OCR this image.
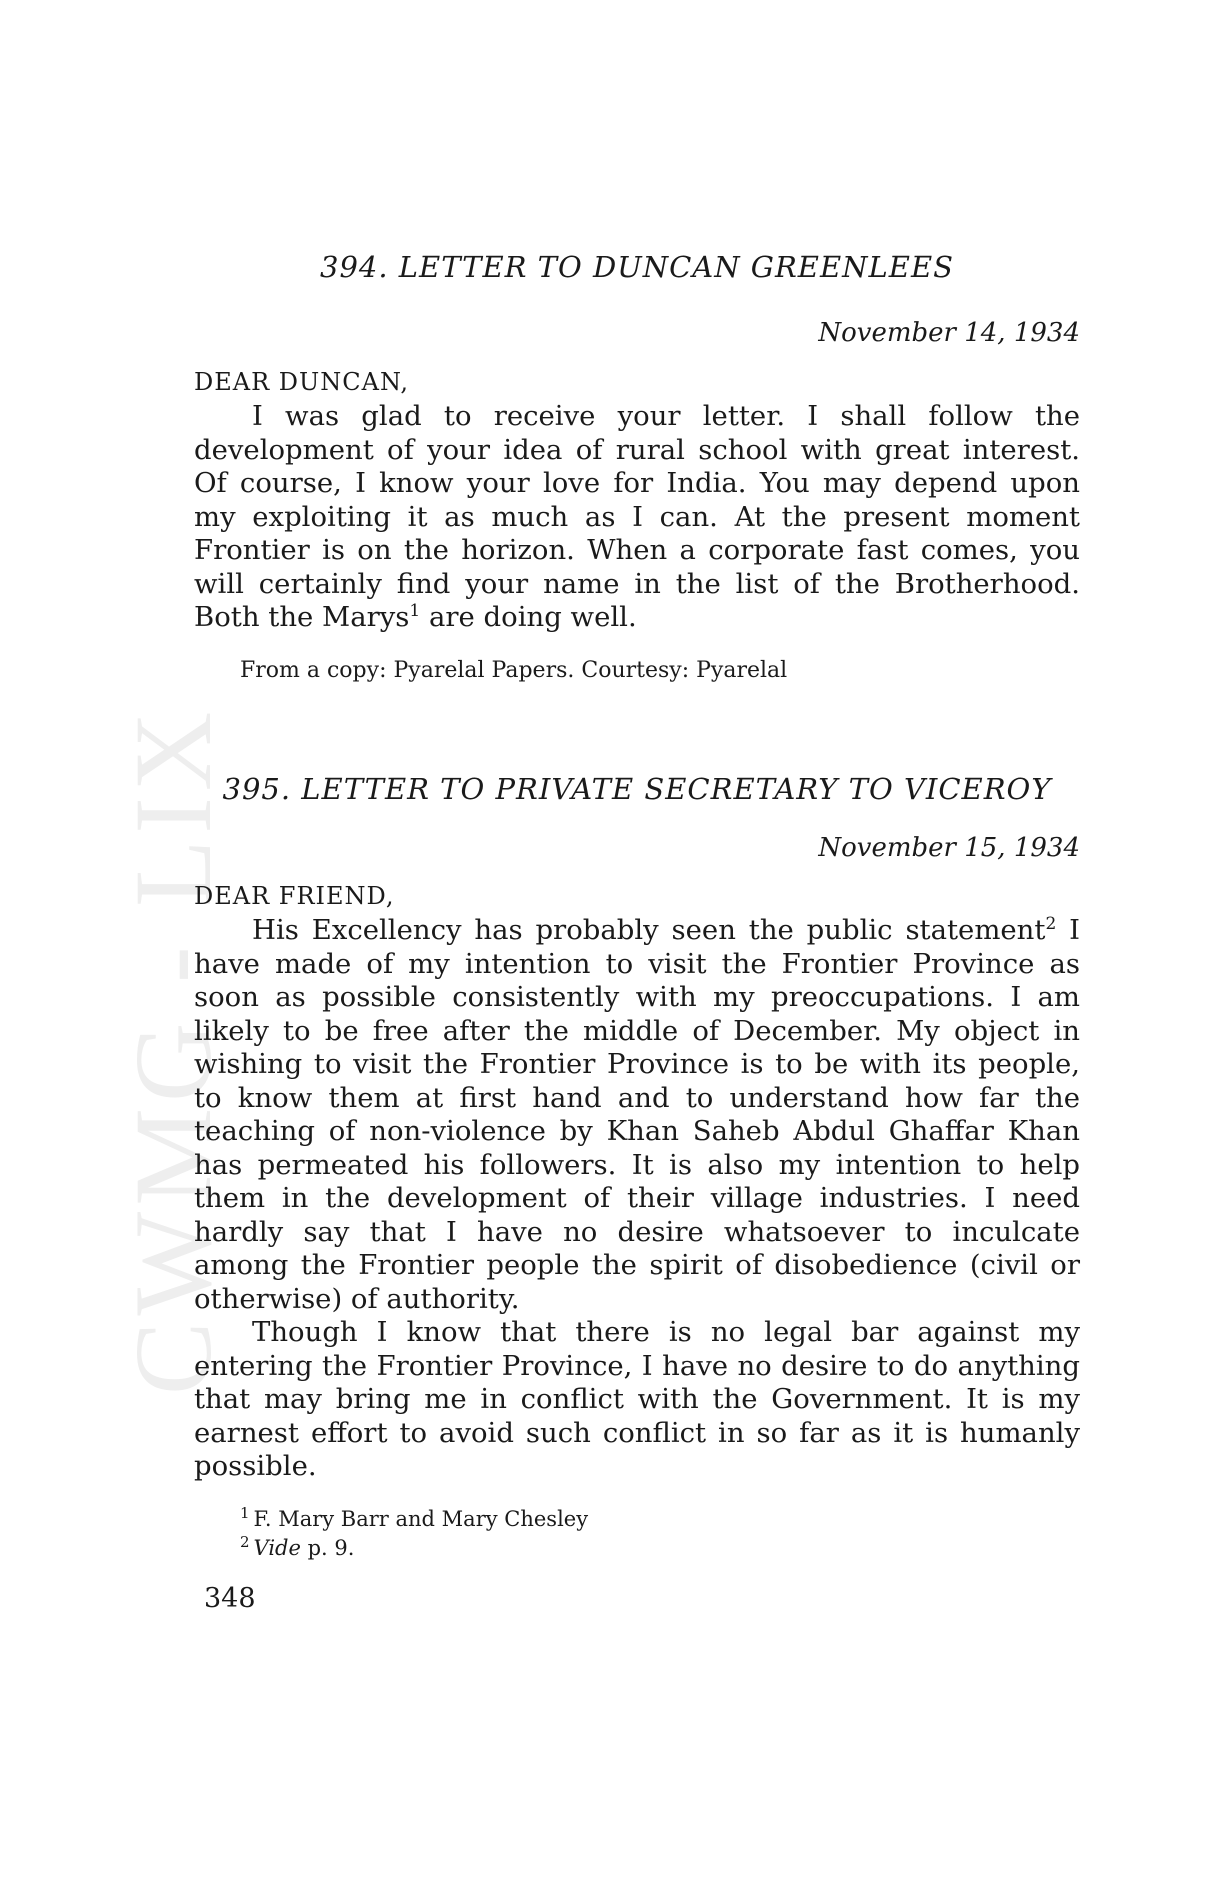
CWMG - LIX
394. LETTER TO DUNCAN GREENLEES
November 14, 1934
DEAR DUNCAN,

I was glad to receive your letter. I shall follow the development of your idea of rural school with great interest. Of course, I know your love for India. You may depend upon my exploiting it as much as I can. At the present moment Frontier is on the horizon. When a corporate fast comes, you will certainly find your name in the list of the Brotherhood. Both the Marys$^1$ are doing well.

From a copy: Pyarelal Papers. Courtesy: Pyarelal
395. LETTER TO PRIVATE SECRETARY TO VICEROY
November 15, 1934
DEAR FRIEND,

His Excellency has probably seen the public statement$^2$ I have made of my intention to visit the Frontier Province as soon as possible consistently with my preoccupations. I am likely to be free after the middle of December. My object in wishing to visit the Frontier Province is to be with its people, to know them at first hand and to understand how far the teaching of non-violence by Khan Saheb Abdul Ghaffar Khan has permeated his followers. It is also my intention to help them in the development of their village industries. I need hardly say that I have no desire whatsoever to inculcate among the Frontier people the spirit of disobedience (civil or otherwise) of authority.

Though I know that there is no legal bar against my entering the Frontier Province, I have no desire to do anything that may bring me in conflict with the Government. It is my earnest effort to avoid such conflict in so far as it is humanly possible.

$^1$ F. Mary Barr and Mary Chesley
$^2$ Vide p. 9.
348
